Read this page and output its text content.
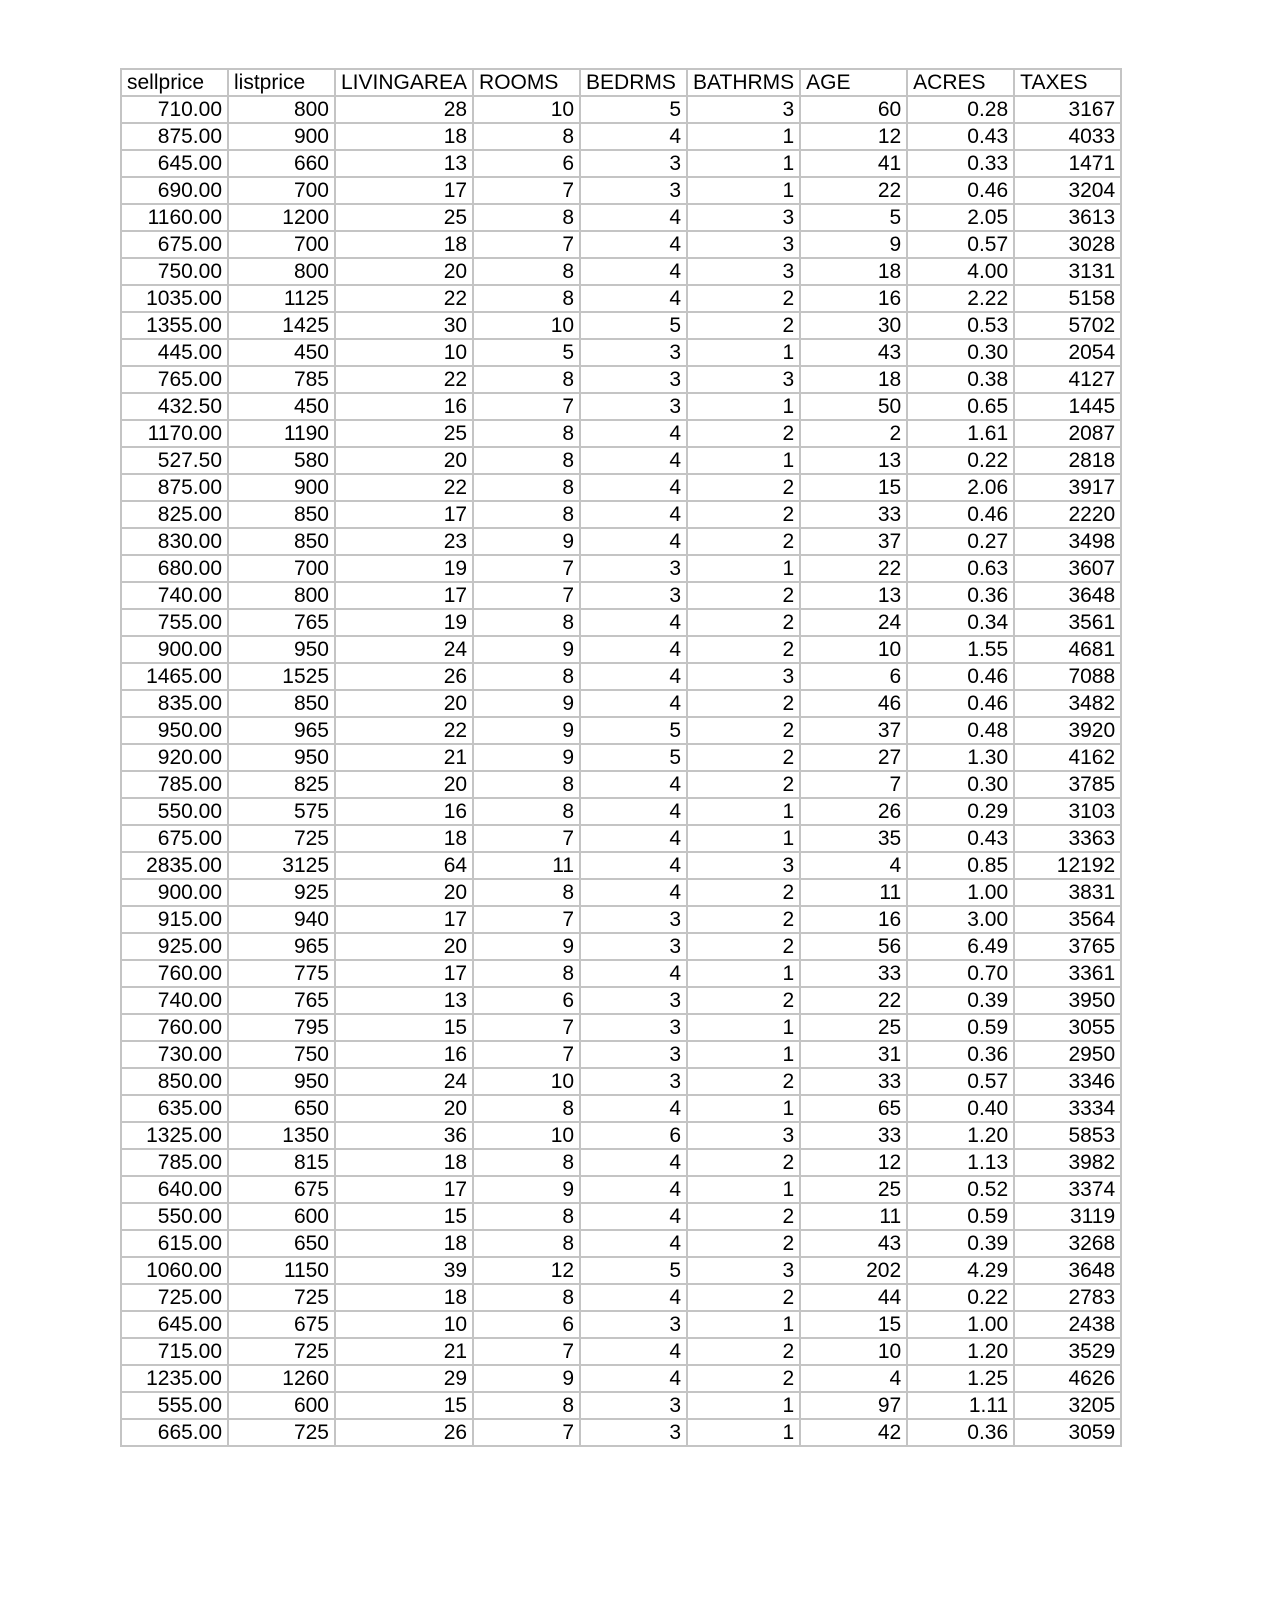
sellprice	listprice	LIVINGAREA	ROOMS	BEDRMS	BATHRMS	AGE	ACRES	TAXES
710.00	800	28	10	5	3	60	0.28	3167
875.00	900	18	8	4	1	12	0.43	4033
645.00	660	13	6	3	1	41	0.33	1471
690.00	700	17	7	3	1	22	0.46	3204
1160.00	1200	25	8	4	3	5	2.05	3613
675.00	700	18	7	4	3	9	0.57	3028
750.00	800	20	8	4	3	18	4.00	3131
1035.00	1125	22	8	4	2	16	2.22	5158
1355.00	1425	30	10	5	2	30	0.53	5702
445.00	450	10	5	3	1	43	0.30	2054
765.00	785	22	8	3	3	18	0.38	4127
432.50	450	16	7	3	1	50	0.65	1445
1170.00	1190	25	8	4	2	2	1.61	2087
527.50	580	20	8	4	1	13	0.22	2818
875.00	900	22	8	4	2	15	2.06	3917
825.00	850	17	8	4	2	33	0.46	2220
830.00	850	23	9	4	2	37	0.27	3498
680.00	700	19	7	3	1	22	0.63	3607
740.00	800	17	7	3	2	13	0.36	3648
755.00	765	19	8	4	2	24	0.34	3561
900.00	950	24	9	4	2	10	1.55	4681
1465.00	1525	26	8	4	3	6	0.46	7088
835.00	850	20	9	4	2	46	0.46	3482
950.00	965	22	9	5	2	37	0.48	3920
920.00	950	21	9	5	2	27	1.30	4162
785.00	825	20	8	4	2	7	0.30	3785
550.00	575	16	8	4	1	26	0.29	3103
675.00	725	18	7	4	1	35	0.43	3363
2835.00	3125	64	11	4	3	4	0.85	12192
900.00	925	20	8	4	2	11	1.00	3831
915.00	940	17	7	3	2	16	3.00	3564
925.00	965	20	9	3	2	56	6.49	3765
760.00	775	17	8	4	1	33	0.70	3361
740.00	765	13	6	3	2	22	0.39	3950
760.00	795	15	7	3	1	25	0.59	3055
730.00	750	16	7	3	1	31	0.36	2950
850.00	950	24	10	3	2	33	0.57	3346
635.00	650	20	8	4	1	65	0.40	3334
1325.00	1350	36	10	6	3	33	1.20	5853
785.00	815	18	8	4	2	12	1.13	3982
640.00	675	17	9	4	1	25	0.52	3374
550.00	600	15	8	4	2	11	0.59	3119
615.00	650	18	8	4	2	43	0.39	3268
1060.00	1150	39	12	5	3	202	4.29	3648
725.00	725	18	8	4	2	44	0.22	2783
645.00	675	10	6	3	1	15	1.00	2438
715.00	725	21	7	4	2	10	1.20	3529
1235.00	1260	29	9	4	2	4	1.25	4626
555.00	600	15	8	3	1	97	1.11	3205
665.00	725	26	7	3	1	42	0.36	3059
